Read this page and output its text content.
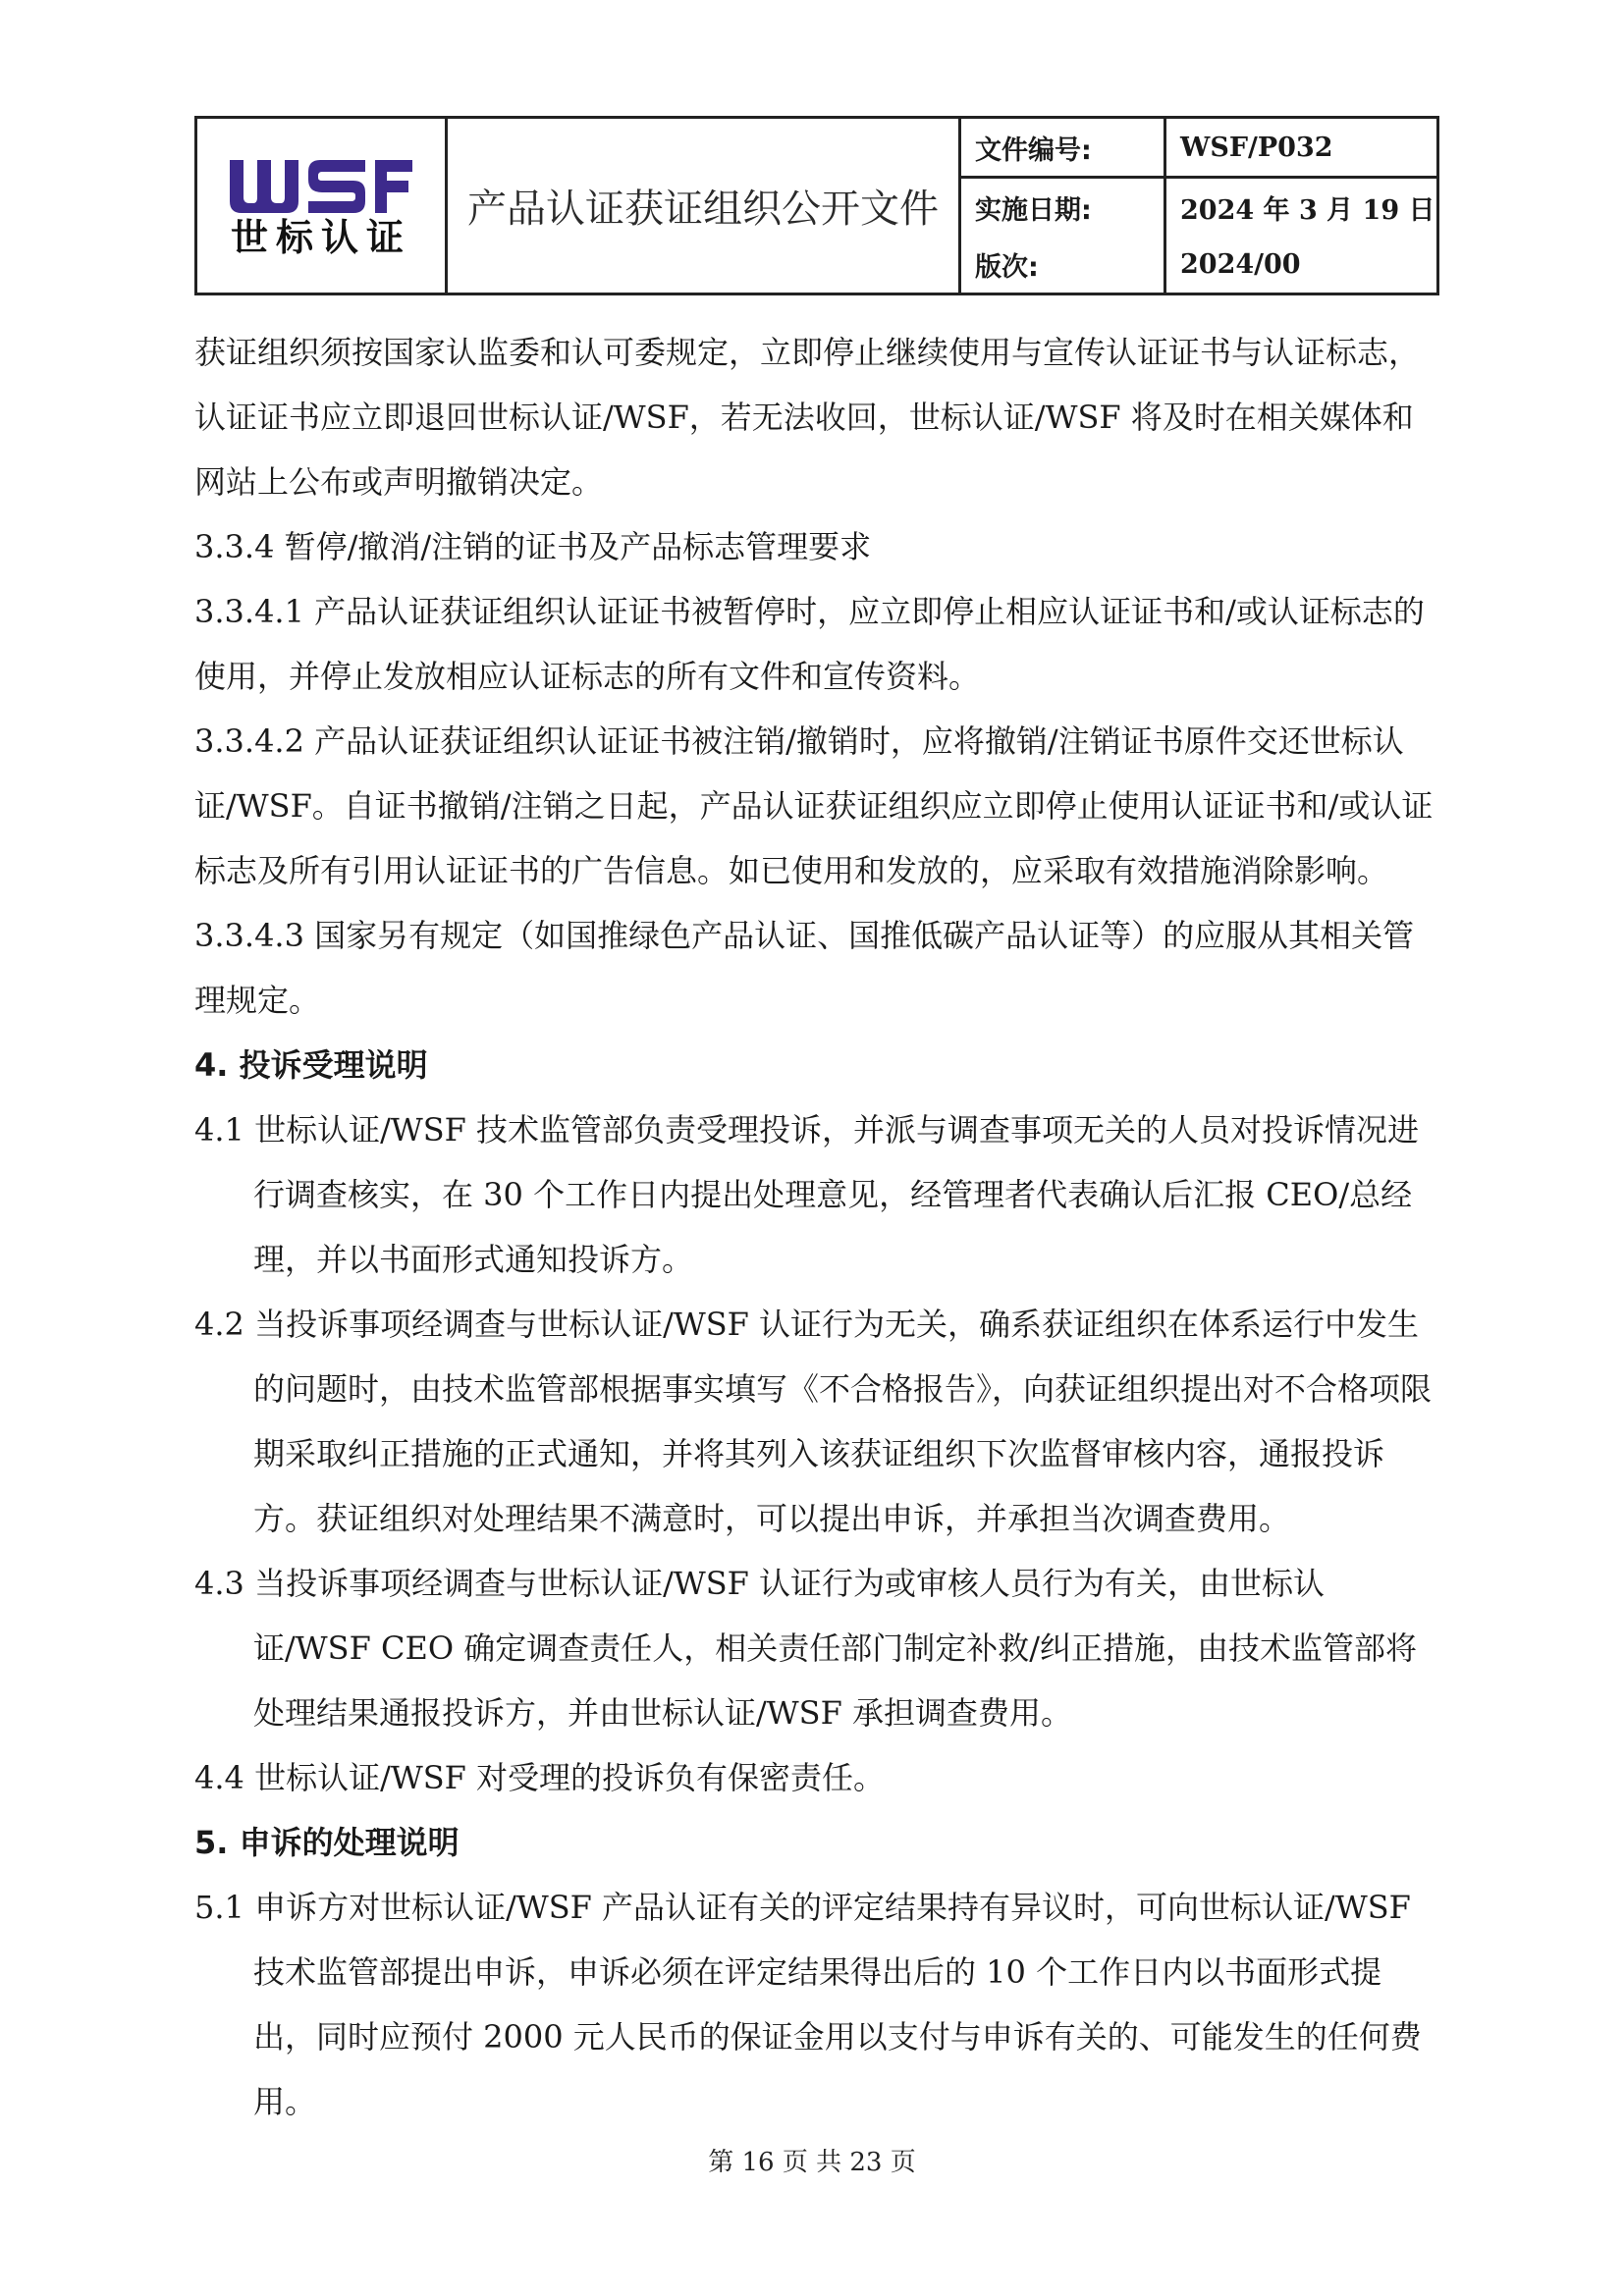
世标认证	产品认证获证组织公开文件	文件编号:	WSF/P032
		实施日期:	2024 年 3 月 19 日
		版次:	2024/00

获证组织须按国家认监委和认可委规定，立即停止继续使用与宣传认证证书与认证标志，认证证书应立即退回世标认证/WSF，若无法收回，世标认证/WSF 将及时在相关媒体和网站上公布或声明撤销决定。

3.3.4 暂停/撤消/注销的证书及产品标志管理要求

3.3.4.1 产品认证获证组织认证证书被暂停时，应立即停止相应认证证书和/或认证标志的使用，并停止发放相应认证标志的所有文件和宣传资料。

3.3.4.2 产品认证获证组织认证证书被注销/撤销时，应将撤销/注销证书原件交还世标认证/WSF。自证书撤销/注销之日起，产品认证获证组织应立即停止使用认证证书和/或认证标志及所有引用认证证书的广告信息。如已使用和发放的，应采取有效措施消除影响。

3.3.4.3 国家另有规定（如国推绿色产品认证、国推低碳产品认证等）的应服从其相关管理规定。

4. 投诉受理说明

4.1 世标认证/WSF 技术监管部负责受理投诉，并派与调查事项无关的人员对投诉情况进行调查核实，在 30 个工作日内提出处理意见，经管理者代表确认后汇报 CEO/总经理，并以书面形式通知投诉方。

4.2 当投诉事项经调查与世标认证/WSF 认证行为无关，确系获证组织在体系运行中发生的问题时，由技术监管部根据事实填写《不合格报告》，向获证组织提出对不合格项限期采取纠正措施的正式通知，并将其列入该获证组织下次监督审核内容，通报投诉方。获证组织对处理结果不满意时，可以提出申诉，并承担当次调查费用。

4.3 当投诉事项经调查与世标认证/WSF 认证行为或审核人员行为有关，由世标认证/WSF CEO 确定调查责任人，相关责任部门制定补救/纠正措施，由技术监管部将处理结果通报投诉方，并由世标认证/WSF 承担调查费用。

4.4 世标认证/WSF 对受理的投诉负有保密责任。

5. 申诉的处理说明

5.1 申诉方对世标认证/WSF 产品认证有关的评定结果持有异议时，可向世标认证/WSF 技术监管部提出申诉，申诉必须在评定结果得出后的 10 个工作日内以书面形式提出，同时应预付 2000 元人民币的保证金用以支付与申诉有关的、可能发生的任何费用。

第 16 页 共 23 页
